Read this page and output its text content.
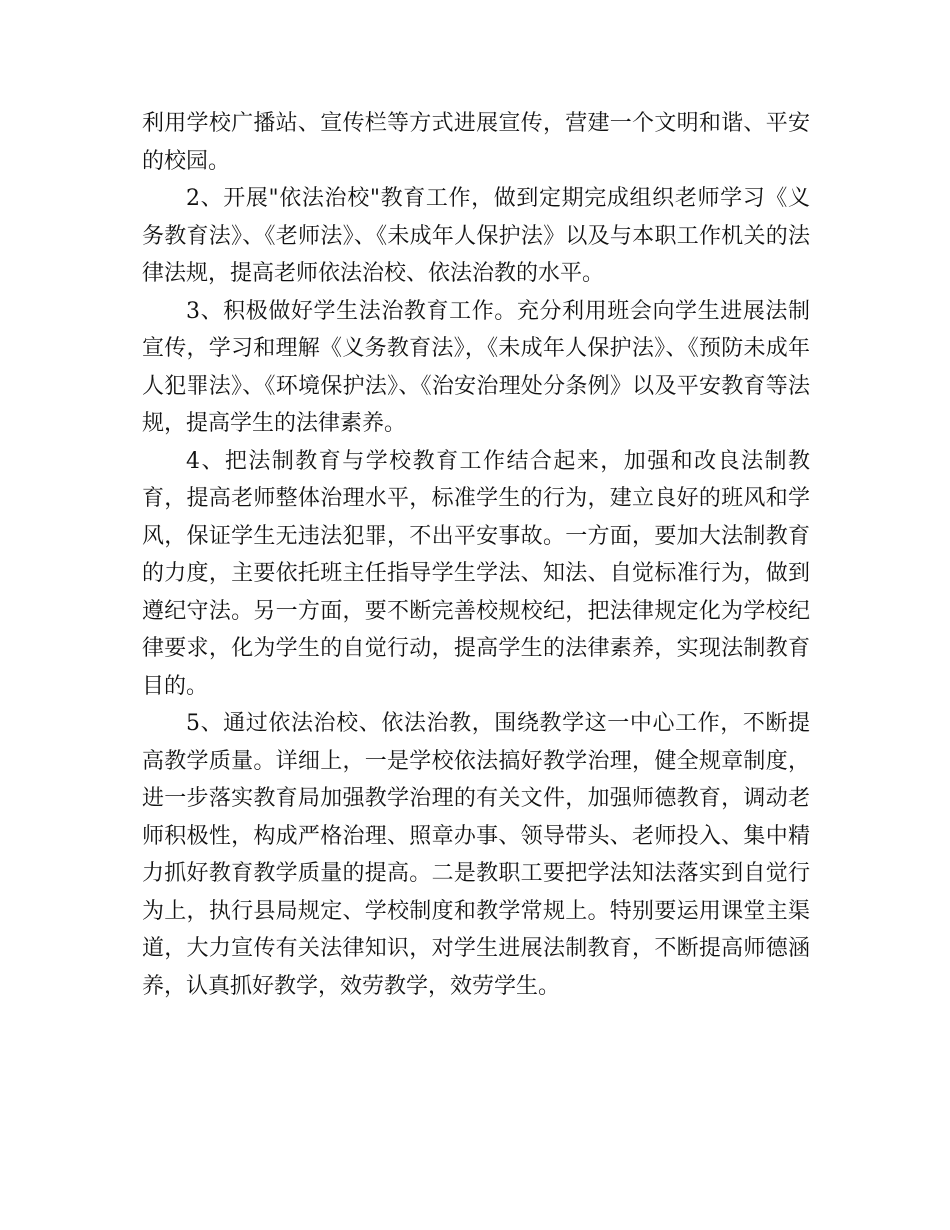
利用学校广播站、宣传栏等方式进展宣传，营建一个文明和谐、平安的校园。

2、开展"依法治校"教育工作，做到定期完成组织老师学习《义务教育法》、《老师法》、《未成年人保护法》以及与本职工作机关的法律法规，提高老师依法治校、依法治教的水平。

3、积极做好学生法治教育工作。充分利用班会向学生进展法制宣传，学习和理解《义务教育法》，《未成年人保护法》、《预防未成年人犯罪法》、《环境保护法》、《治安治理处分条例》以及平安教育等法规，提高学生的法律素养。

4、把法制教育与学校教育工作结合起来，加强和改良法制教育，提高老师整体治理水平，标准学生的行为，建立良好的班风和学风，保证学生无违法犯罪，不出平安事故。一方面，要加大法制教育的力度，主要依托班主任指导学生学法、知法、自觉标准行为，做到遵纪守法。另一方面，要不断完善校规校纪，把法律规定化为学校纪律要求，化为学生的自觉行动，提高学生的法律素养，实现法制教育目的。

5、通过依法治校、依法治教，围绕教学这一中心工作，不断提高教学质量。详细上，一是学校依法搞好教学治理，健全规章制度，进一步落实教育局加强教学治理的有关文件，加强师德教育，调动老师积极性，构成严格治理、照章办事、领导带头、老师投入、集中精力抓好教育教学质量的提高。二是教职工要把学法知法落实到自觉行为上，执行县局规定、学校制度和教学常规上。特别要运用课堂主渠道，大力宣传有关法律知识，对学生进展法制教育，不断提高师德涵养，认真抓好教学，效劳教学，效劳学生。
